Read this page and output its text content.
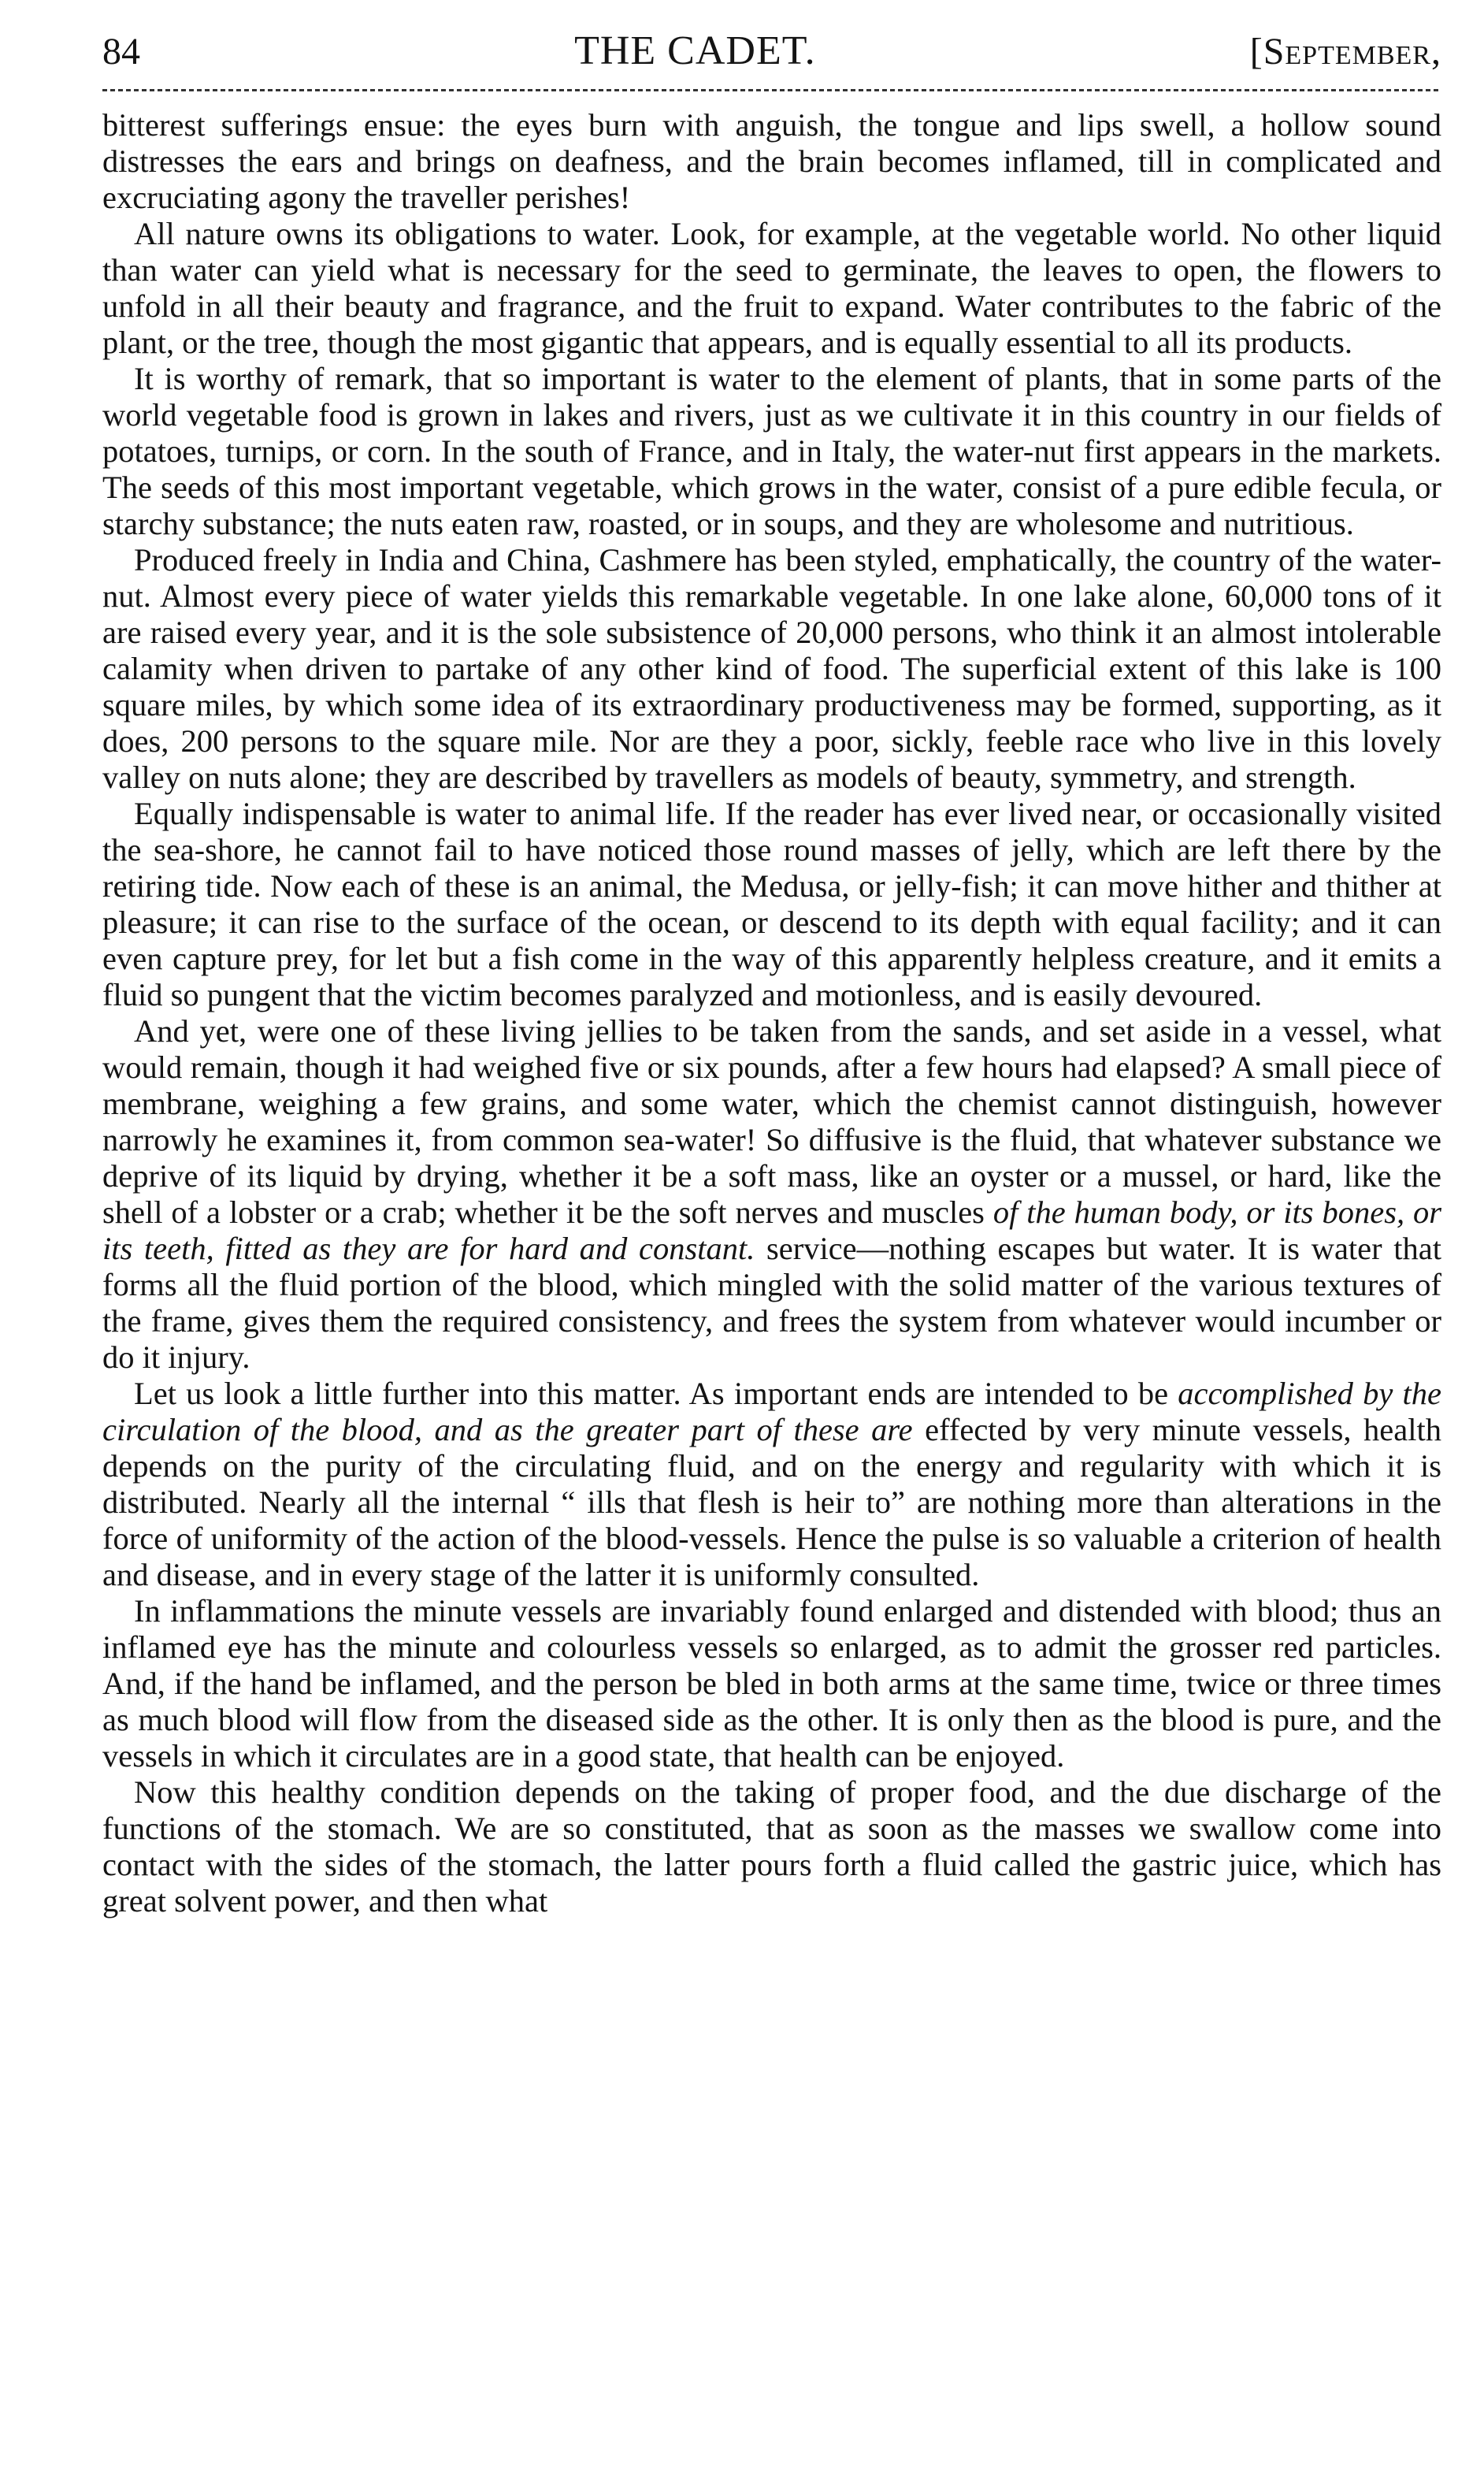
84	THE CADET.	[September,

bitterest sufferings ensue: the eyes burn with anguish, the tongue and lips swell, a hollow sound distresses the ears and brings on deafness, and the brain becomes inflamed, till in complicated and excruciating agony the traveller perishes!

All nature owns its obligations to water. Look, for example, at the vegetable world. No other liquid than water can yield what is necessary for the seed to germinate, the leaves to open, the flowers to unfold in all their beauty and fragrance, and the fruit to expand. Water contributes to the fabric of the plant, or the tree, though the most gigantic that appears, and is equally essential to all its products.

It is worthy of remark, that so important is water to the element of plants, that in some parts of the world vegetable food is grown in lakes and rivers, just as we cultivate it in this country in our fields of potatoes, turnips, or corn. In the south of France, and in Italy, the water-nut first appears in the markets. The seeds of this most important vegetable, which grows in the water, consist of a pure edible fecula, or starchy substance; the nuts eaten raw, roasted, or in soups, and they are wholesome and nutritious.

Produced freely in India and China, Cashmere has been styled, emphatically, the country of the water-nut. Almost every piece of water yields this remarkable vegetable. In one lake alone, 60,000 tons of it are raised every year, and it is the sole subsistence of 20,000 persons, who think it an almost intolerable calamity when driven to partake of any other kind of food. The superficial extent of this lake is 100 square miles, by which some idea of its extraordinary productiveness may be formed, supporting, as it does, 200 persons to the square mile. Nor are they a poor, sickly, feeble race who live in this lovely valley on nuts alone; they are described by travellers as models of beauty, symmetry, and strength.

Equally indispensable is water to animal life. If the reader has ever lived near, or occasionally visited the sea-shore, he cannot fail to have noticed those round masses of jelly, which are left there by the retiring tide. Now each of these is an animal, the Medusa, or jelly-fish; it can move hither and thither at pleasure; it can rise to the surface of the ocean, or descend to its depth with equal facility; and it can even capture prey, for let but a fish come in the way of this apparently helpless creature, and it emits a fluid so pungent that the victim becomes paralyzed and motionless, and is easily devoured.

And yet, were one of these living jellies to be taken from the sands, and set aside in a vessel, what would remain, though it had weighed five or six pounds, after a few hours had elapsed? A small piece of membrane, weighing a few grains, and some water, which the chemist cannot distinguish, however narrowly he examines it, from common sea-water! So diffusive is the fluid, that whatever substance we deprive of its liquid by drying, whether it be a soft mass, like an oyster or a mussel, or hard, like the shell of a lobster or a crab; whether it be the soft nerves and muscles of the human body, or its bones, or its teeth, fitted as they are for hard and constant. service—nothing escapes but water. It is water that forms all the fluid portion of the blood, which mingled with the solid matter of the various textures of the frame, gives them the required consistency, and frees the system from whatever would incumber or do it injury.

Let us look a little further into this matter. As important ends are intended to be accomplished by the circulation of the blood, and as the greater part of these are effected by very minute vessels, health depends on the purity of the circulating fluid, and on the energy and regularity with which it is distributed. Nearly all the internal “ ills that flesh is heir to” are nothing more than alterations in the force of uniformity of the action of the blood-vessels. Hence the pulse is so valuable a criterion of health and disease, and in every stage of the latter it is uniformly consulted.

In inflammations the minute vessels are invariably found enlarged and distended with blood; thus an inflamed eye has the minute and colourless vessels so enlarged, as to admit the grosser red particles. And, if the hand be inflamed, and the person be bled in both arms at the same time, twice or three times as much blood will flow from the diseased side as the other. It is only then as the blood is pure, and the vessels in which it circulates are in a good state, that health can be enjoyed.

Now this healthy condition depends on the taking of proper food, and the due discharge of the functions of the stomach. We are so constituted, that as soon as the masses we swallow come into contact with the sides of the stomach, the latter pours forth a fluid called the gastric juice, which has great solvent power, and then what
